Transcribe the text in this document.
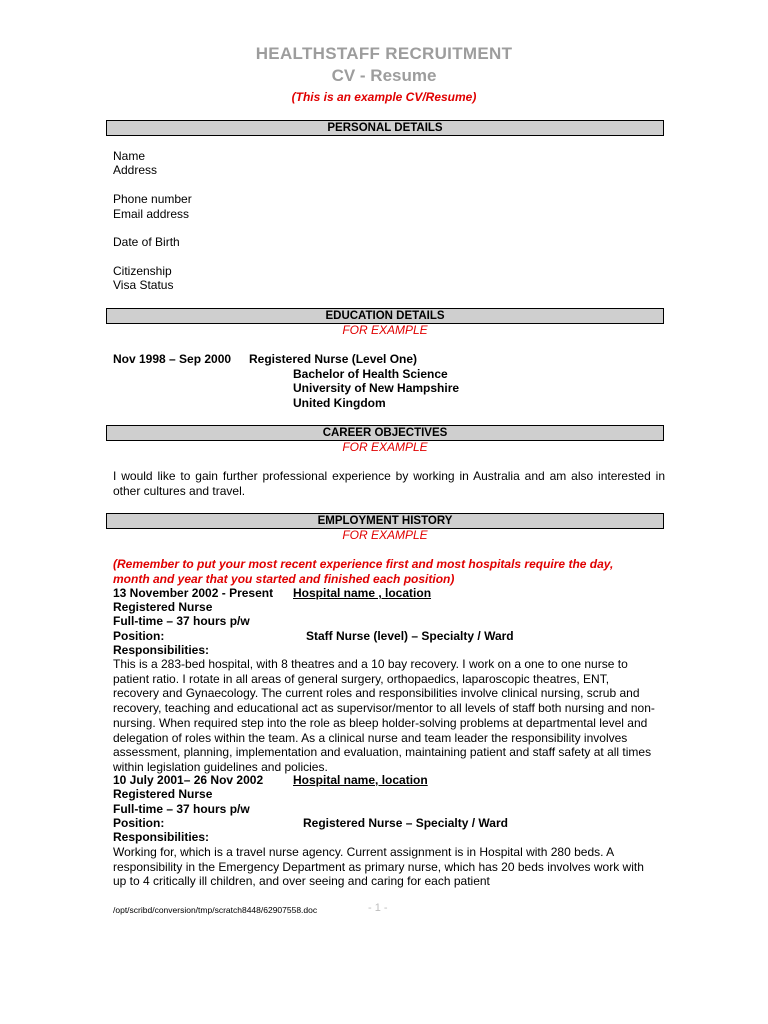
HEALTHSTAFF RECRUITMENT
CV - Resume
(This is an example CV/Resume)
PERSONAL DETAILS
Name
Address
Phone number
Email address
Date of Birth
Citizenship
Visa Status
EDUCATION DETAILS
FOR EXAMPLE
Nov 1998 – Sep 2000 Registered Nurse (Level One)
Bachelor of Health Science
University of New Hampshire
United Kingdom
CAREER OBJECTIVES
FOR EXAMPLE
I would like to gain further professional experience by working in Australia and am also interested in other cultures and travel.
EMPLOYMENT HISTORY
FOR EXAMPLE
(Remember to put your most recent experience first and most hospitals require the day, month and year that you started and finished each position)
13 November 2002 - Present Hospital name , location
Registered Nurse
Full-time – 37 hours p/w
Position:	Staff Nurse (level) – Specialty / Ward
Responsibilities:
This is a 283-bed hospital, with 8 theatres and a 10 bay recovery. I work on a one to one nurse to patient ratio. I rotate in all areas of general surgery, orthopaedics, laparoscopic theatres, ENT, recovery and Gynaecology. The current roles and responsibilities involve clinical nursing, scrub and recovery, teaching and educational act as supervisor/mentor to all levels of staff both nursing and non-nursing. When required step into the role as bleep holder-solving problems at departmental level and delegation of roles within the team. As a clinical nurse and team leader the responsibility involves assessment, planning, implementation and evaluation, maintaining patient and staff safety at all times within legislation guidelines and policies.
10 July 2001– 26 Nov 2002 Hospital name, location
Registered Nurse
Full-time – 37 hours p/w
Position:	Registered Nurse – Specialty / Ward
Responsibilities:
Working for, which is a travel nurse agency. Current assignment is in Hospital with 280 beds. A responsibility in the Emergency Department as primary nurse, which has 20 beds involves work with up to 4 critically ill children, and over seeing and caring for each patient
/opt/scribd/conversion/tmp/scratch8448/62907558.doc	- 1 -
